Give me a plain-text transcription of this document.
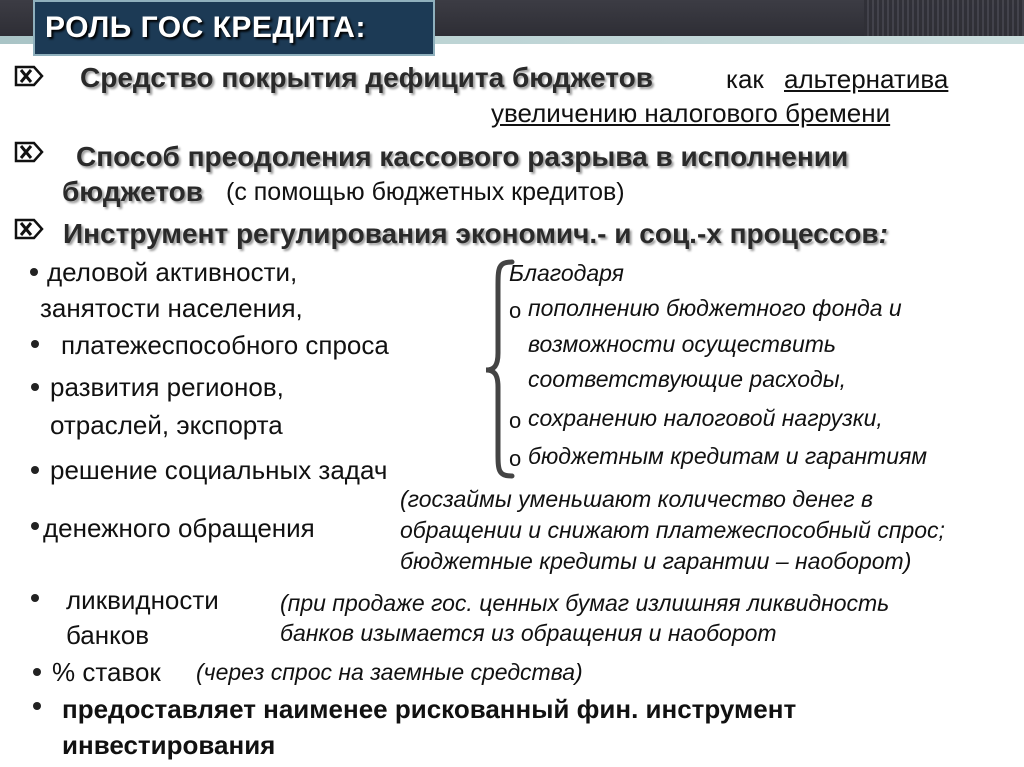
РОЛЬ ГОС КРЕДИТА:
Средство покрытия дефицита бюджетов	как альтернатива
увеличению налогового бремени
Способ преодоления кассового разрыва в исполнении
бюджетов (с помощью бюджетных кредитов)
Инструмент регулирования экономич.- и соц.-х процессов:
деловой активности,
занятости населения,
платежеспособного спроса
развития регионов,
отраслей, экспорта
решение социальных задач
денежного обращения
ликвидности
банков
% ставок (через спрос на заемные средства)
предоставляет наименее рискованный фин. инструмент
инвестирования
Благодаря
o пополнению бюджетного фонда и
возможности осуществить
соответствующие расходы,
o сохранению налоговой нагрузки,
o бюджетным кредитам и гарантиям
(госзаймы уменьшают количество денег в
обращении и снижают платежеспособный спрос;
бюджетные кредиты и гарантии – наоборот)
(при продаже гос. ценных бумаг излишняя ликвидность
банков изымается из обращения и наоборот
